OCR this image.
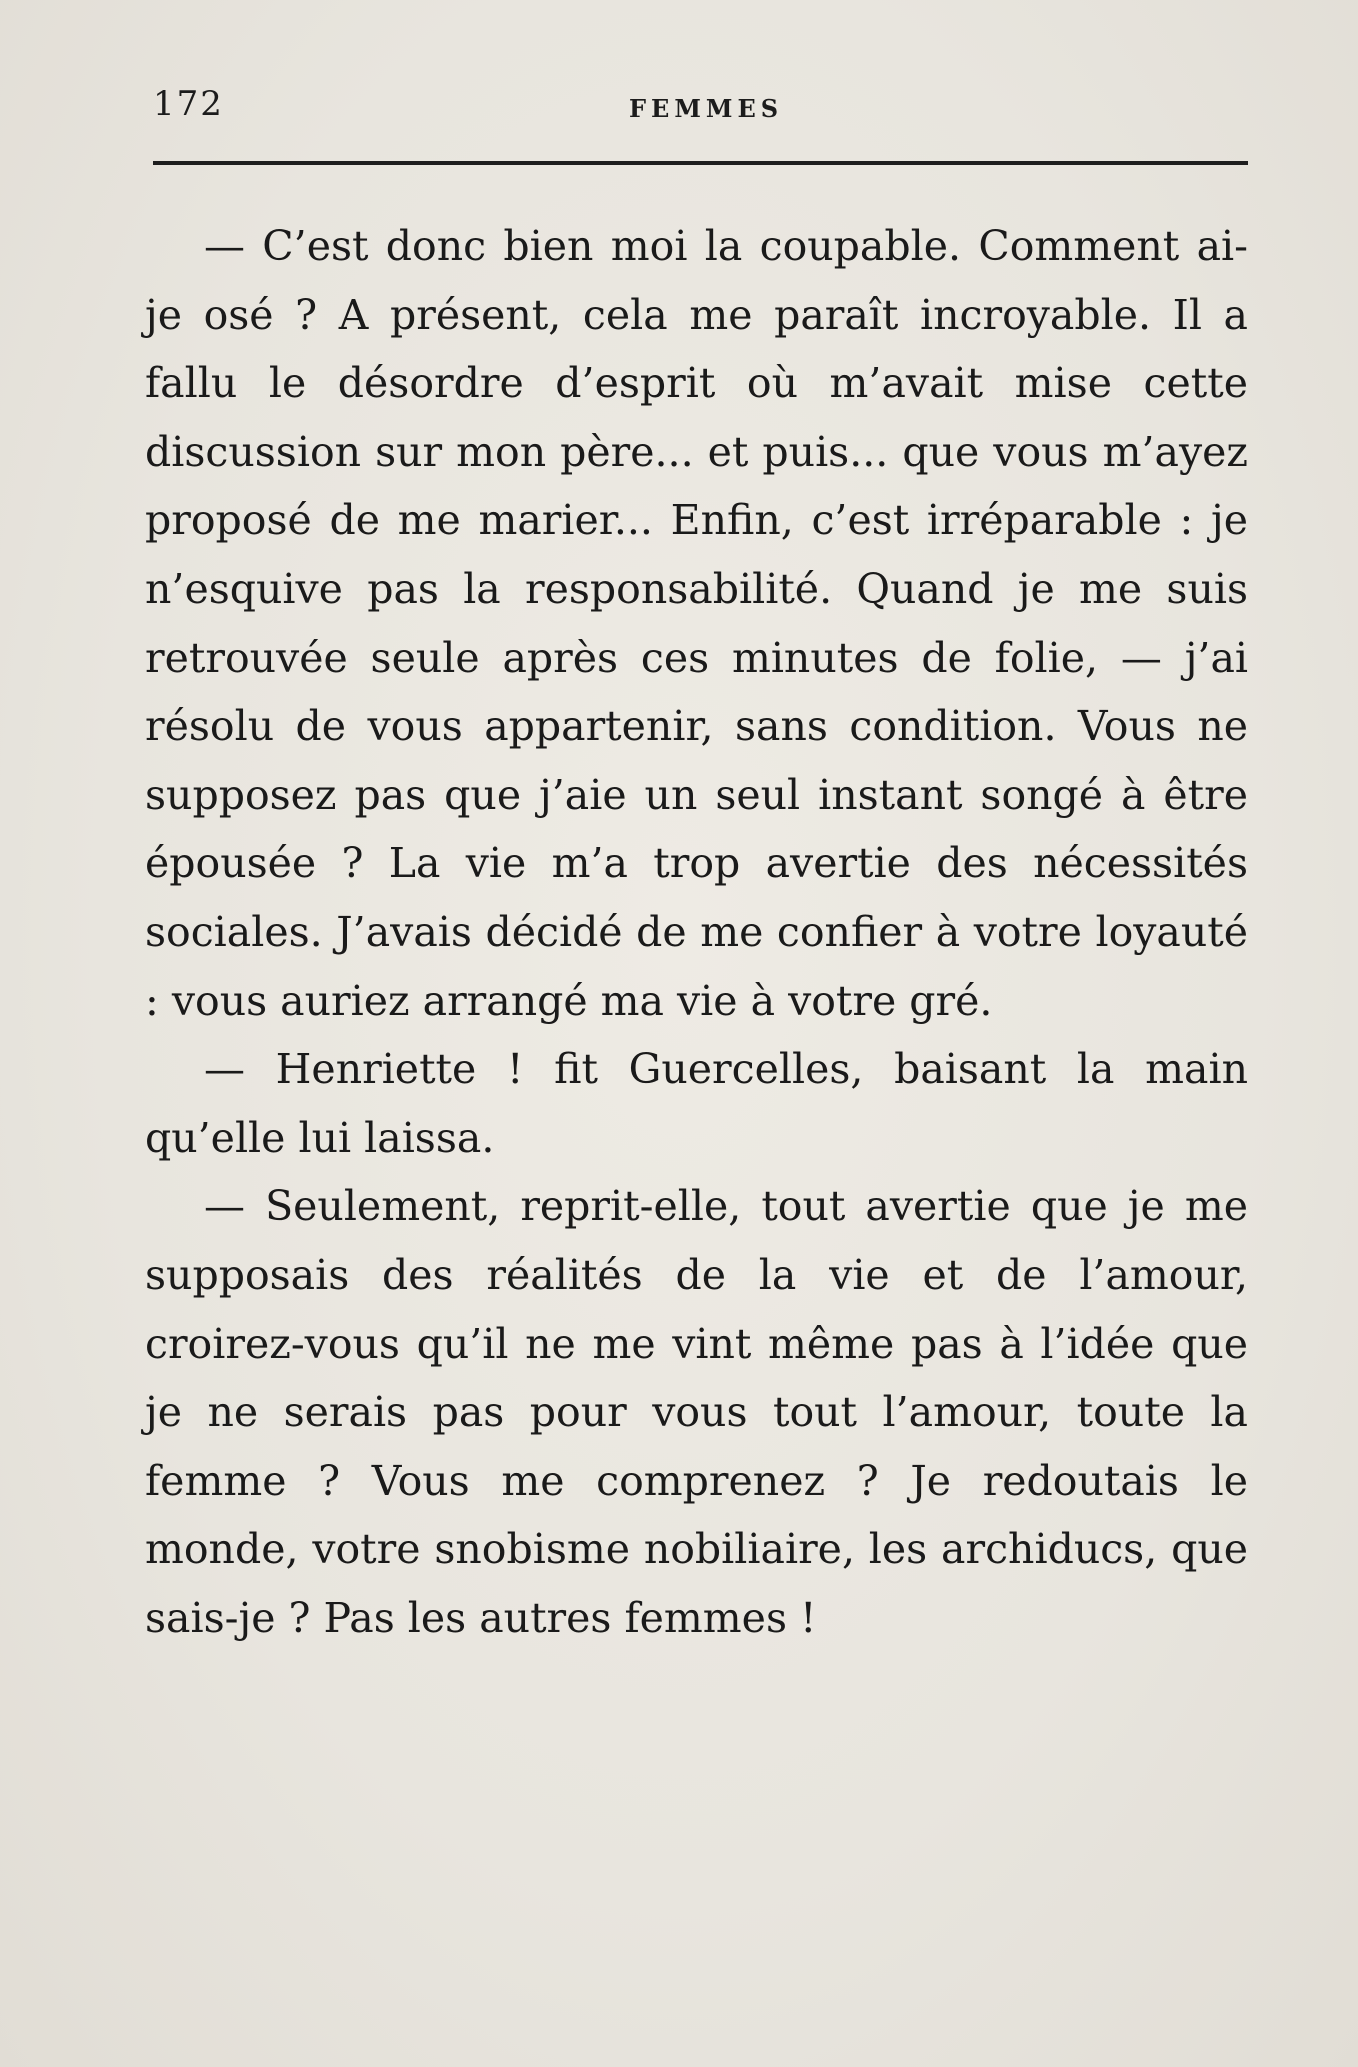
172	FEMMES

— C’est donc bien moi la coupable. Comment ai-je osé ? A présent, cela me paraît incroyable. Il a fallu le désordre d’esprit où m’avait mise cette discussion sur mon père... et puis... que vous m’ayez proposé de me marier... Enfin, c’est irréparable : je n’esquive pas la responsabilité. Quand je me suis retrouvée seule après ces minutes de folie, — j’ai résolu de vous appartenir, sans condition. Vous ne supposez pas que j’aie un seul instant songé à être épousée ? La vie m’a trop avertie des nécessités sociales. J’avais décidé de me confier à votre loyauté : vous auriez arrangé ma vie à votre gré.

— Henriette ! fit Guercelles, baisant la main qu’elle lui laissa.

— Seulement, reprit-elle, tout avertie que je me supposais des réalités de la vie et de l’amour, croirez-vous qu’il ne me vint même pas à l’idée que je ne serais pas pour vous tout l’amour, toute la femme ? Vous me comprenez ? Je redoutais le monde, votre snobisme nobiliaire, les archiducs, que sais-je ? Pas les autres femmes !
